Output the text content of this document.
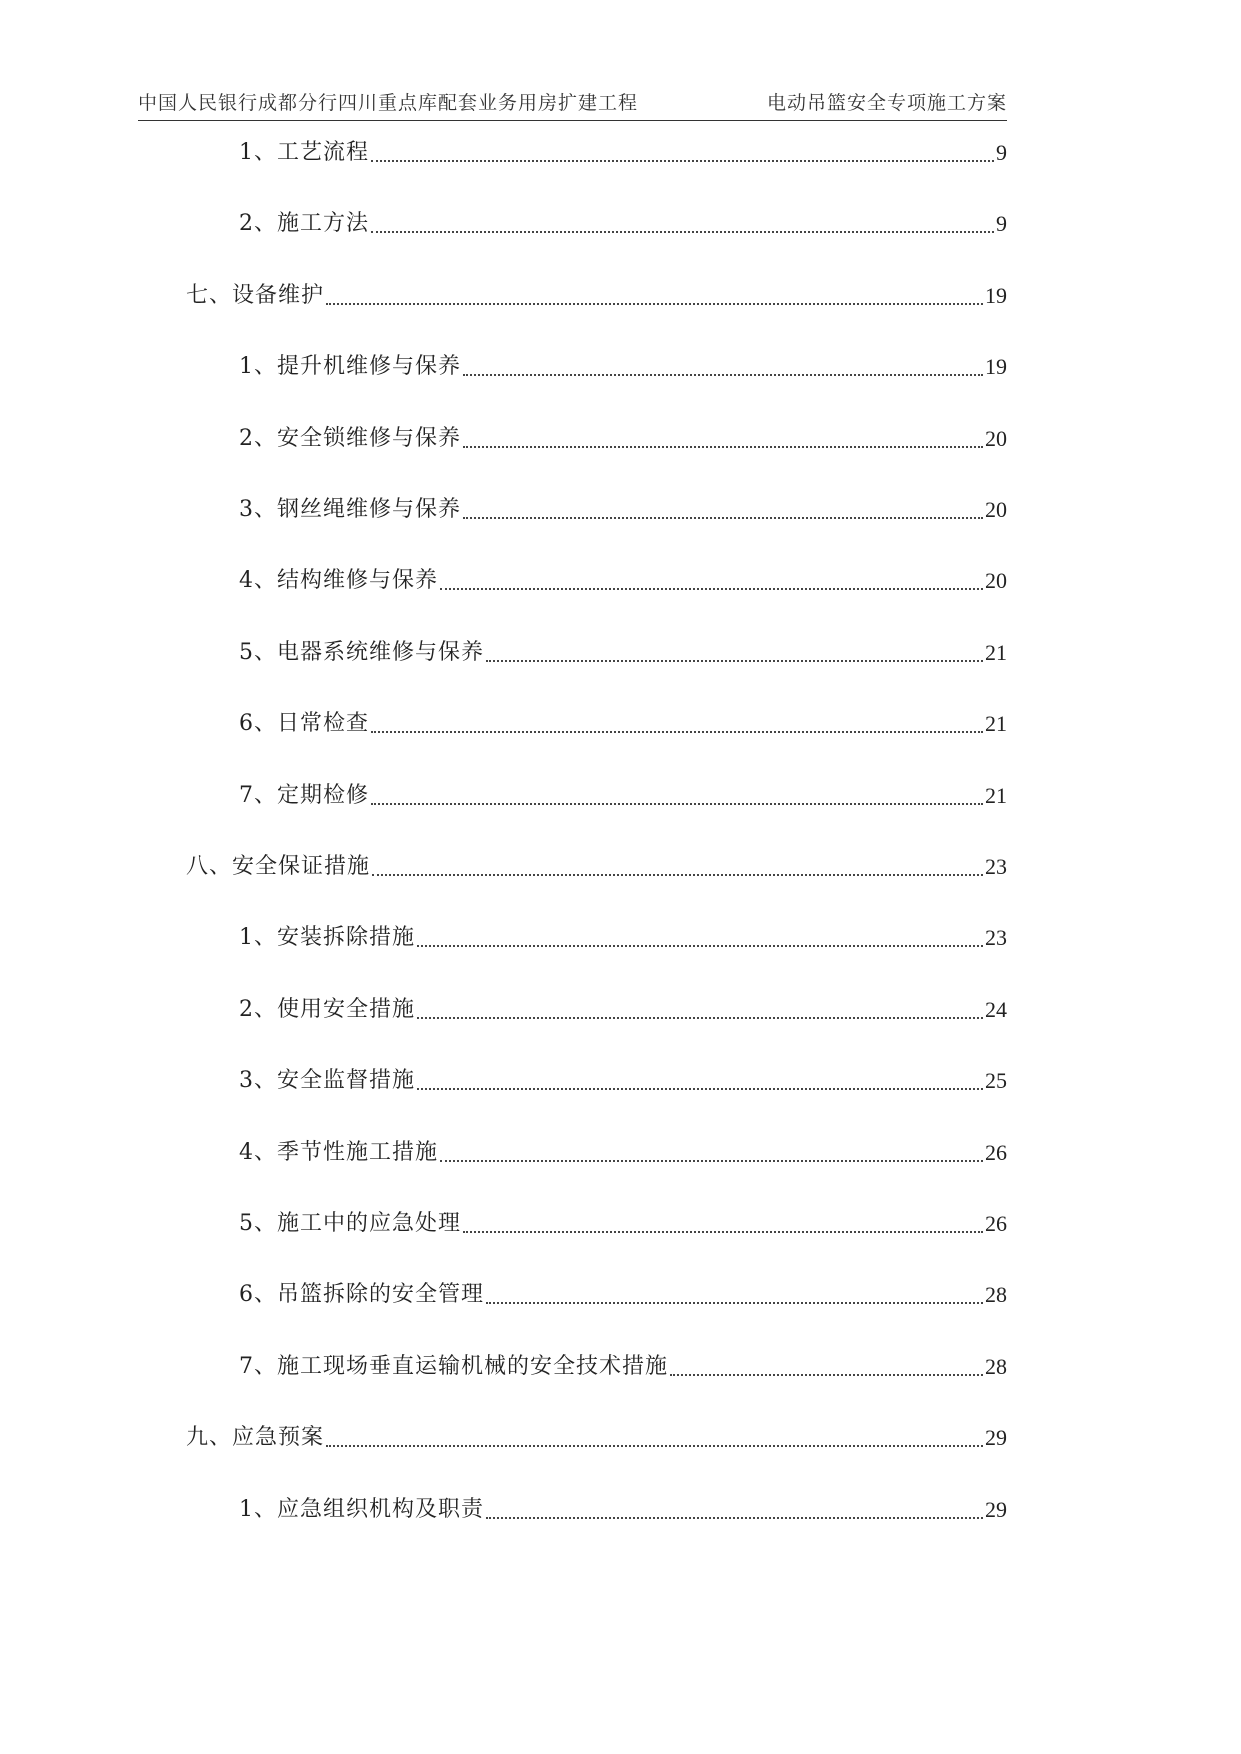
中国人民银行成都分行四川重点库配套业务用房扩建工程	电动吊篮安全专项施工方案
1、工艺流程	9
2、施工方法	9
七、设备维护	19
1、提升机维修与保养	19
2、安全锁维修与保养	20
3、钢丝绳维修与保养	20
4、结构维修与保养	20
5、电器系统维修与保养	21
6、日常检查	21
7、定期检修	21
八、安全保证措施	23
1、安装拆除措施	23
2、使用安全措施	24
3、安全监督措施	25
4、季节性施工措施	26
5、施工中的应急处理	26
6、吊篮拆除的安全管理	28
7、施工现场垂直运输机械的安全技术措施	28
九、应急预案	29
1、应急组织机构及职责	29
